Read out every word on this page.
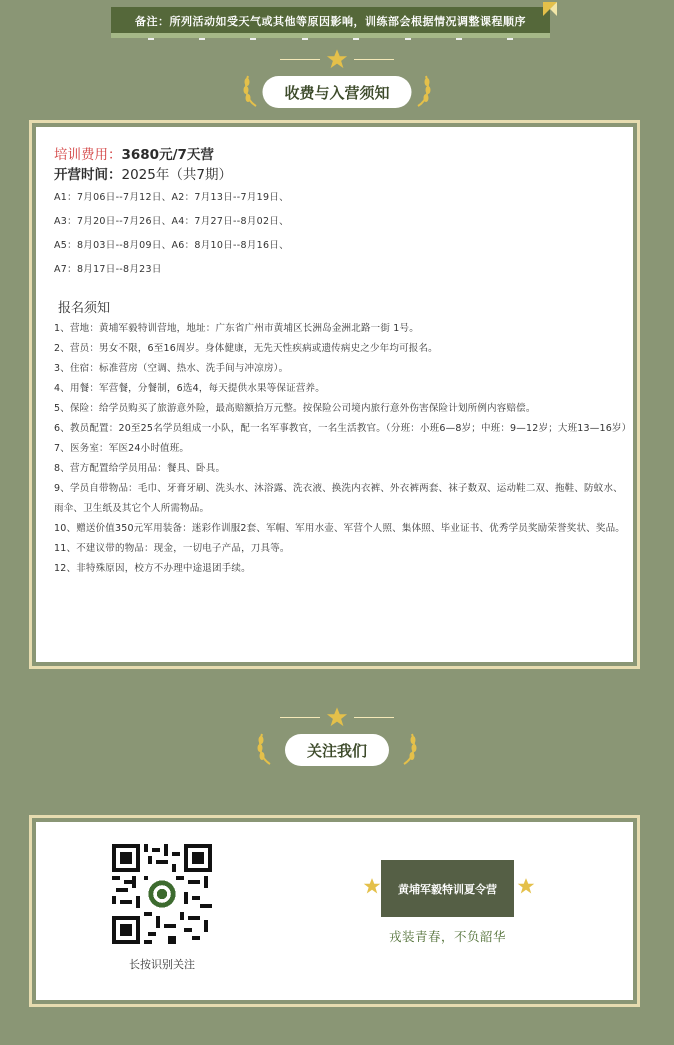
备注：所列活动如受天气或其他等原因影响，训练部会根据情况调整课程顺序
收费与入营须知
培训费用：3680元/7天营
开营时间：2025年（共7期）
A1：7月06日--7月12日、A2：7月13日--7月19日、
A3：7月20日--7月26日、A4：7月27日--8月02日、
A5：8月03日--8月09日、A6：8月10日--8月16日、
A7：8月17日--8月23日
报名须知

1、营地：黄埔军毅特训营地，地址：广东省广州市黄埔区长洲岛金洲北路一街 1号。

2、营员：男女不限，6至16周岁。身体健康，无先天性疾病或遗传病史之少年均可报名。

3、住宿：标准营房（空调、热水、洗手间与冲凉房）。

4、用餐：军营餐，分餐制，6选4，每天提供水果等保证营养。

5、保险：给学员购买了旅游意外险，最高赔额拾万元整。按保险公司境内旅行意外伤害保险计划所例内容赔偿。

6、教员配置：20至25名学员组成一小队，配一名军事教官，一名生活教官。（分班：小班6—8岁；中班：9—12岁；大班13—16岁）

7、医务室：军医24小时值班。

8、营方配置给学员用品：餐具、卧具。

9、学员自带物品：毛巾、牙膏牙刷、洗头水、沐浴露、洗衣液、换洗内衣裤、外衣裤两套、袜子数双、运动鞋二双、拖鞋、防蚊水、雨伞、卫生纸及其它个人所需物品。

10、赠送价值350元军用装备：迷彩作训服2套、军帽、军用水壶、军营个人照、集体照、毕业证书、优秀学员奖励荣誉奖状、奖品。

11、不建议带的物品：现金，一切电子产品，刀具等。

12、非特殊原因，校方不办理中途退团手续。

关注我们
长按识别关注
黄埔军毅特训夏令营
戎装青春，不负韶华
